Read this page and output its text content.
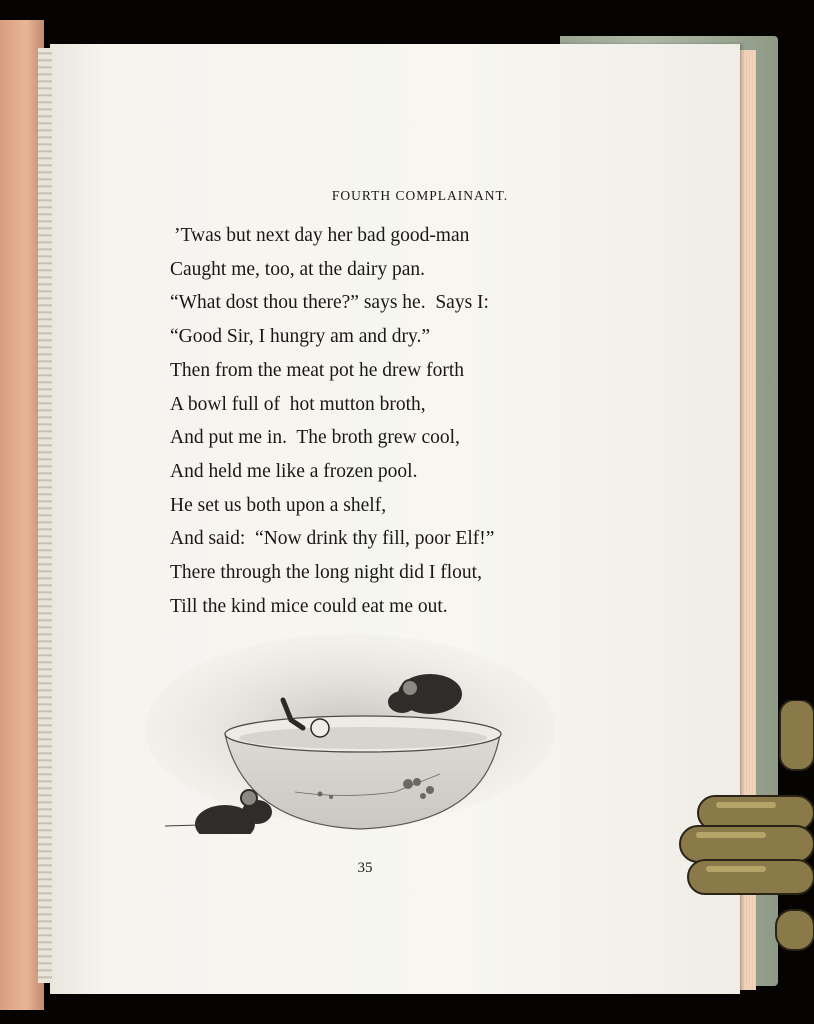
FOURTH COMPLAINANT.
’Twas but next day her bad good-man
Caught me, too, at the dairy pan.
“What dost thou there?” says he.  Says I:
“Good Sir, I hungry am and dry.”
Then from the meat pot he drew forth
A bowl full of  hot mutton broth,
And put me in.  The broth grew cool,
And held me like a frozen pool.
He set us both upon a shelf,
And said:  “Now drink thy fill, poor Elf!”
There through the long night did I flout,
Till the kind mice could eat me out.
35
